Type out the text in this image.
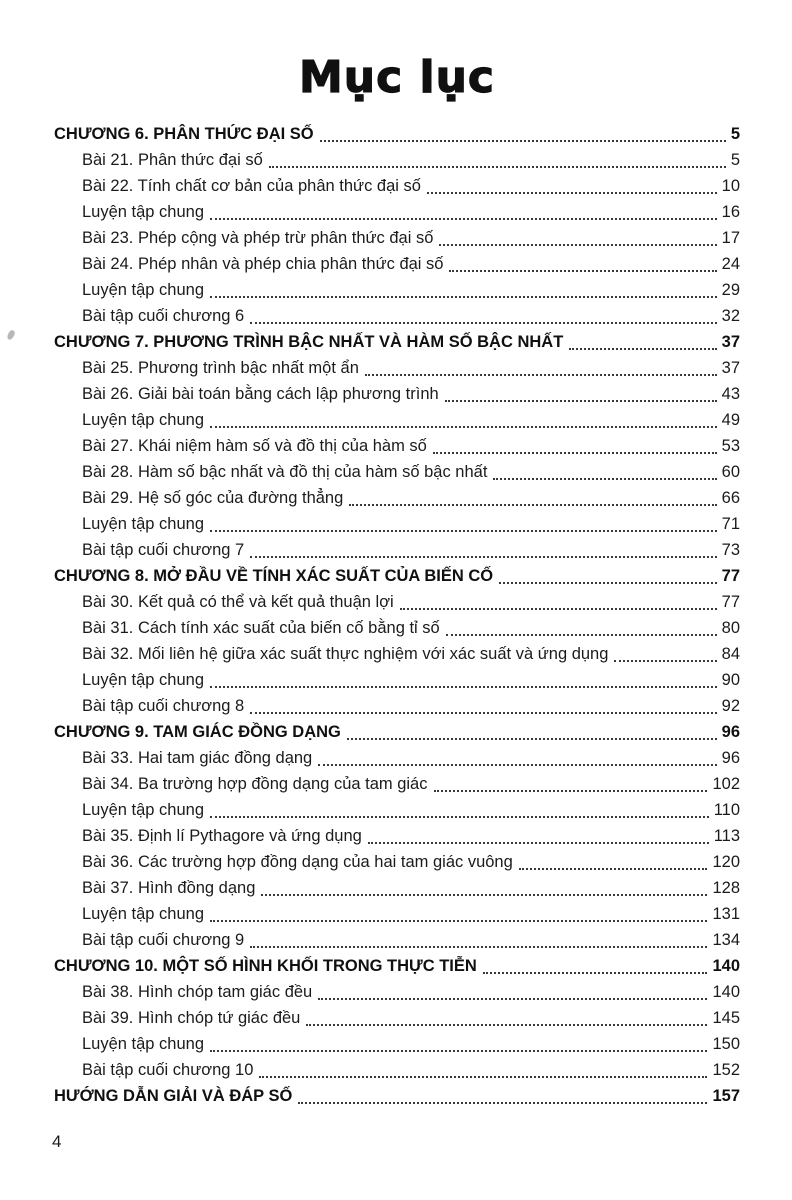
Mục lục
CHƯƠNG 6. PHÂN THỨC ĐẠI SỐ	5
Bài 21. Phân thức đại số	5
Bài 22. Tính chất cơ bản của phân thức đại số	10
Luyện tập chung	16
Bài 23. Phép cộng và phép trừ phân thức đại số	17
Bài 24. Phép nhân và phép chia phân thức đại số	24
Luyện tập chung	29
Bài tập cuối chương 6	32
CHƯƠNG 7. PHƯƠNG TRÌNH BẬC NHẤT VÀ HÀM SỐ BẬC NHẤT	37
Bài 25. Phương trình bậc nhất một ẩn	37
Bài 26. Giải bài toán bằng cách lập phương trình	43
Luyện tập chung	49
Bài 27. Khái niệm hàm số và đồ thị của hàm số	53
Bài 28. Hàm số bậc nhất và đồ thị của hàm số bậc nhất	60
Bài 29. Hệ số góc của đường thẳng	66
Luyện tập chung	71
Bài tập cuối chương 7	73
CHƯƠNG 8. MỞ ĐẦU VỀ TÍNH XÁC SUẤT CỦA BIẾN CỐ	77
Bài 30. Kết quả có thể và kết quả thuận lợi	77
Bài 31. Cách tính xác suất của biến cố bằng tỉ số	80
Bài 32. Mối liên hệ giữa xác suất thực nghiệm với xác suất và ứng dụng	84
Luyện tập chung	90
Bài tập cuối chương 8	92
CHƯƠNG 9. TAM GIÁC ĐỒNG DẠNG	96
Bài 33. Hai tam giác đồng dạng	96
Bài 34. Ba trường hợp đồng dạng của tam giác	102
Luyện tập chung	110
Bài 35. Định lí Pythagore và ứng dụng	113
Bài 36. Các trường hợp đồng dạng của hai tam giác vuông	120
Bài 37. Hình đồng dạng	128
Luyện tập chung	131
Bài tập cuối chương 9	134
CHƯƠNG 10. MỘT SỐ HÌNH KHỐI TRONG THỰC TIỄN	140
Bài 38. Hình chóp tam giác đều	140
Bài 39. Hình chóp tứ giác đều	145
Luyện tập chung	150
Bài tập cuối chương 10	152
HƯỚNG DẪN GIẢI VÀ ĐÁP SỐ	157
4
